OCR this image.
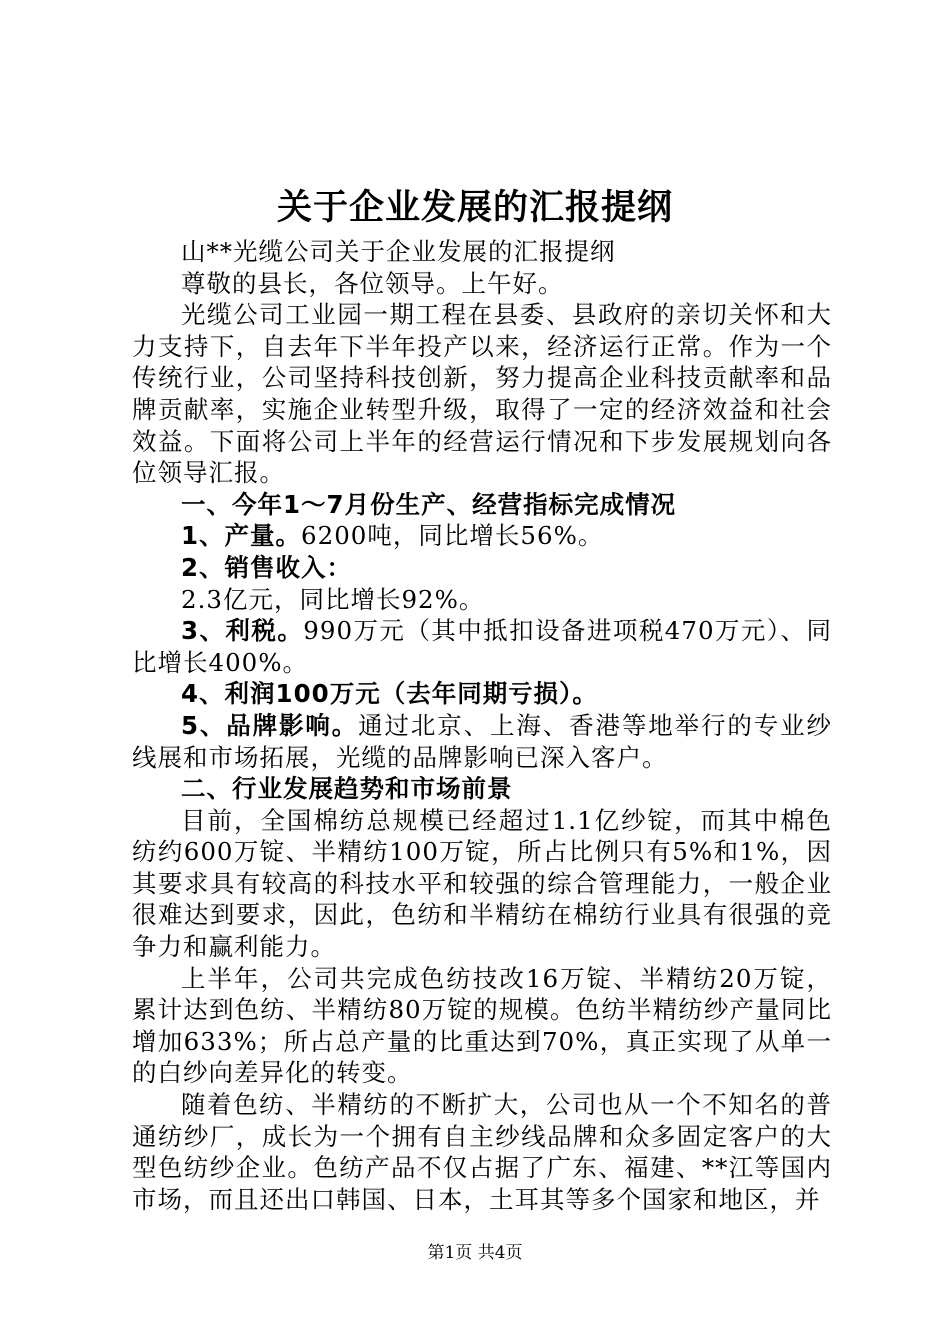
关于企业发展的汇报提纲

山**光缆公司关于企业发展的汇报提纲

尊敬的县长，各位领导。上午好。

光缆公司工业园一期工程在县委、县政府的亲切关怀和大力支持下，自去年下半年投产以来，经济运行正常。作为一个传统行业，公司坚持科技创新，努力提高企业科技贡献率和品牌贡献率，实施企业转型升级，取得了一定的经济效益和社会效益。下面将公司上半年的经营运行情况和下步发展规划向各位领导汇报。

一、今年1～7月份生产、经营指标完成情况

1、产量。6200吨，同比增长56%。

2、销售收入：

2.3亿元，同比增长92%。

3、利税。990万元（其中抵扣设备进项税470万元）、同比增长400%。

4、利润100万元（去年同期亏损）。

5、品牌影响。通过北京、上海、香港等地举行的专业纱线展和市场拓展，光缆的品牌影响已深入客户。

二、行业发展趋势和市场前景

目前，全国棉纺总规模已经超过1.1亿纱锭，而其中棉色纺约600万锭、半精纺100万锭，所占比例只有5%和1%，因其要求具有较高的科技水平和较强的综合管理能力，一般企业很难达到要求，因此，色纺和半精纺在棉纺行业具有很强的竞争力和赢利能力。

上半年，公司共完成色纺技改16万锭、半精纺20万锭，累计达到色纺、半精纺80万锭的规模。色纺半精纺纱产量同比增加633%；所占总产量的比重达到70%，真正实现了从单一的白纱向差异化的转变。

随着色纺、半精纺的不断扩大，公司也从一个不知名的普通纺纱厂，成长为一个拥有自主纱线品牌和众多固定客户的大型色纺纱企业。色纺产品不仅占据了广东、福建、**江等国内市场，而且还出口韩国、日本，土耳其等多个国家和地区，并

第1页 共4页
